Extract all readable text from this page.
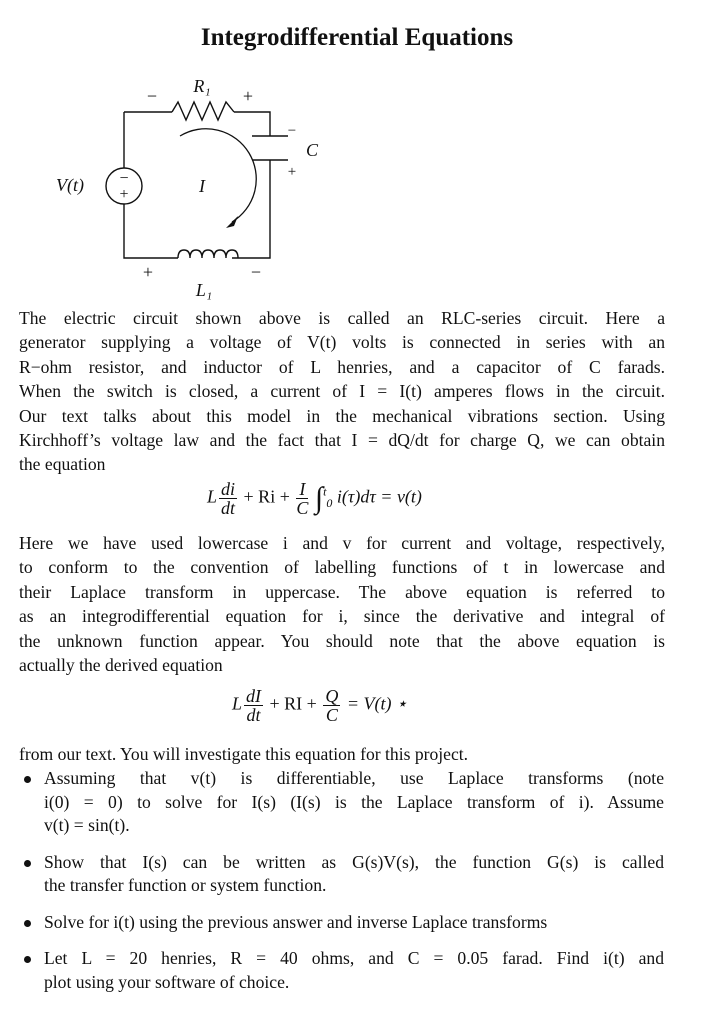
Integrodifferential Equations
−
+
R₁
−	+
C
−
+
V(t)	I
L₁
+	−
The electric circuit shown above is called an RLC-series circuit. Here a
generator supplying a voltage of V(t) volts is connected in series with an
R−ohm resistor, and inductor of L henries, and a capacitor of C farads.
When the switch is closed, a current of I = I(t) amperes flows in the circuit.
Our text talks about this model in the mechanical vibrations section. Using
Kirchhoff’s voltage law and the fact that I = dQ/dt for charge Q, we can obtain
the equation
L $\frac{di}{dt} + Ri + \frac{I}{C} \int^t_0$ i(τ)dτ = v(t)
Here we have used lowercase i and v for current and voltage, respectively,
to conform to the convention of labelling functions of t in lowercase and
their Laplace transform in uppercase. The above equation is referred to
as an integrodifferential equation for i, since the derivative and integral of
the unknown function appear. You should note that the above equation is
actually the derived equation
L $\frac{dI}{dt}$ + RI + $\frac{Q}{C} = V(t)$ ⋆
from our text. You will investigate this equation for this project.
Assuming that v(t) is differentiable, use Laplace transforms (note
i(0) = 0) to solve for I(s) (I(s) is the Laplace transform of i). Assume
v(t) = sin(t).
Show that I(s) can be written as G(s)V(s), the function G(s) is called
the transfer function or system function.
Solve for i(t) using the previous answer and inverse Laplace transforms
Let L = 20 henries, R = 40 ohms, and C = 0.05 farad. Find i(t) and
plot using your software of choice.
